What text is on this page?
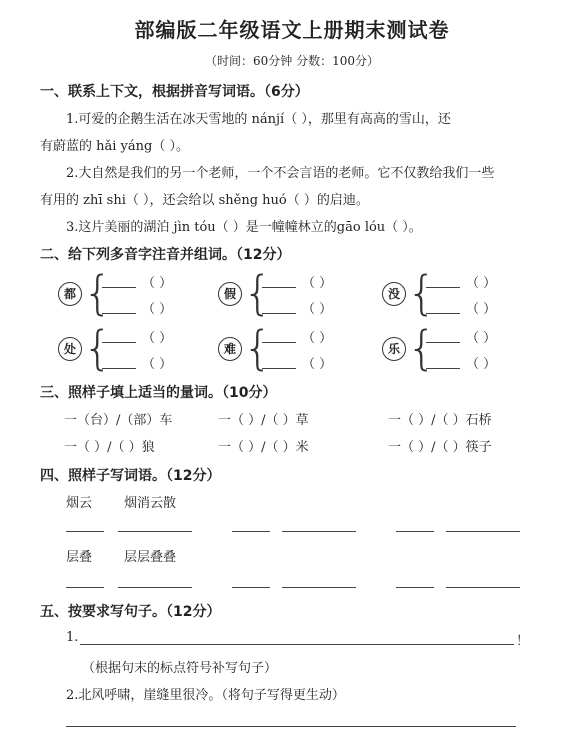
部编版二年级语文上册期末测试卷
（时间：60分钟 分数：100分）
一、联系上下文，根据拼音写词语。（6分）
1.可爱的企鹅生活在冰天雪地的 nánjí（ ），那里有高高的雪山，还
有蔚蓝的 hǎi yáng（ ）。
2.大自然是我们的另一个老师，一个不会言语的老师。它不仅教给我们一些
有用的 zhī shi（ ），还会给以 shěng huó（ ）的启迪。
3.这片美丽的湖泊 jìn tóu（ ）是一幢幢林立的gāo lóu（ ）。
二、给下列多音字注音并组词。（12分）
都 { （ ）
（ ）
假 { （ ）
（ ）
没 { （ ）
（ ）
处 { （ ）
（ ）
难 { （ ）
（ ）
乐 { （ ）
（ ）
三、照样子填上适当的量词。（10分）
一（台）/（部）车	一（ ）/（ ）草	一（ ）/（ ）石桥
一（ ）/（ ）狼	一（ ）/（ ）米	一（ ）/（ ）筷子
四、照样子写词语。（12分）
烟云 烟消云散
层叠 层层叠叠
五、按要求写句子。（12分）
1.	！
（根据句末的标点符号补写句子）
2.北风呼啸，崖缝里很冷。（将句子写得更生动）
